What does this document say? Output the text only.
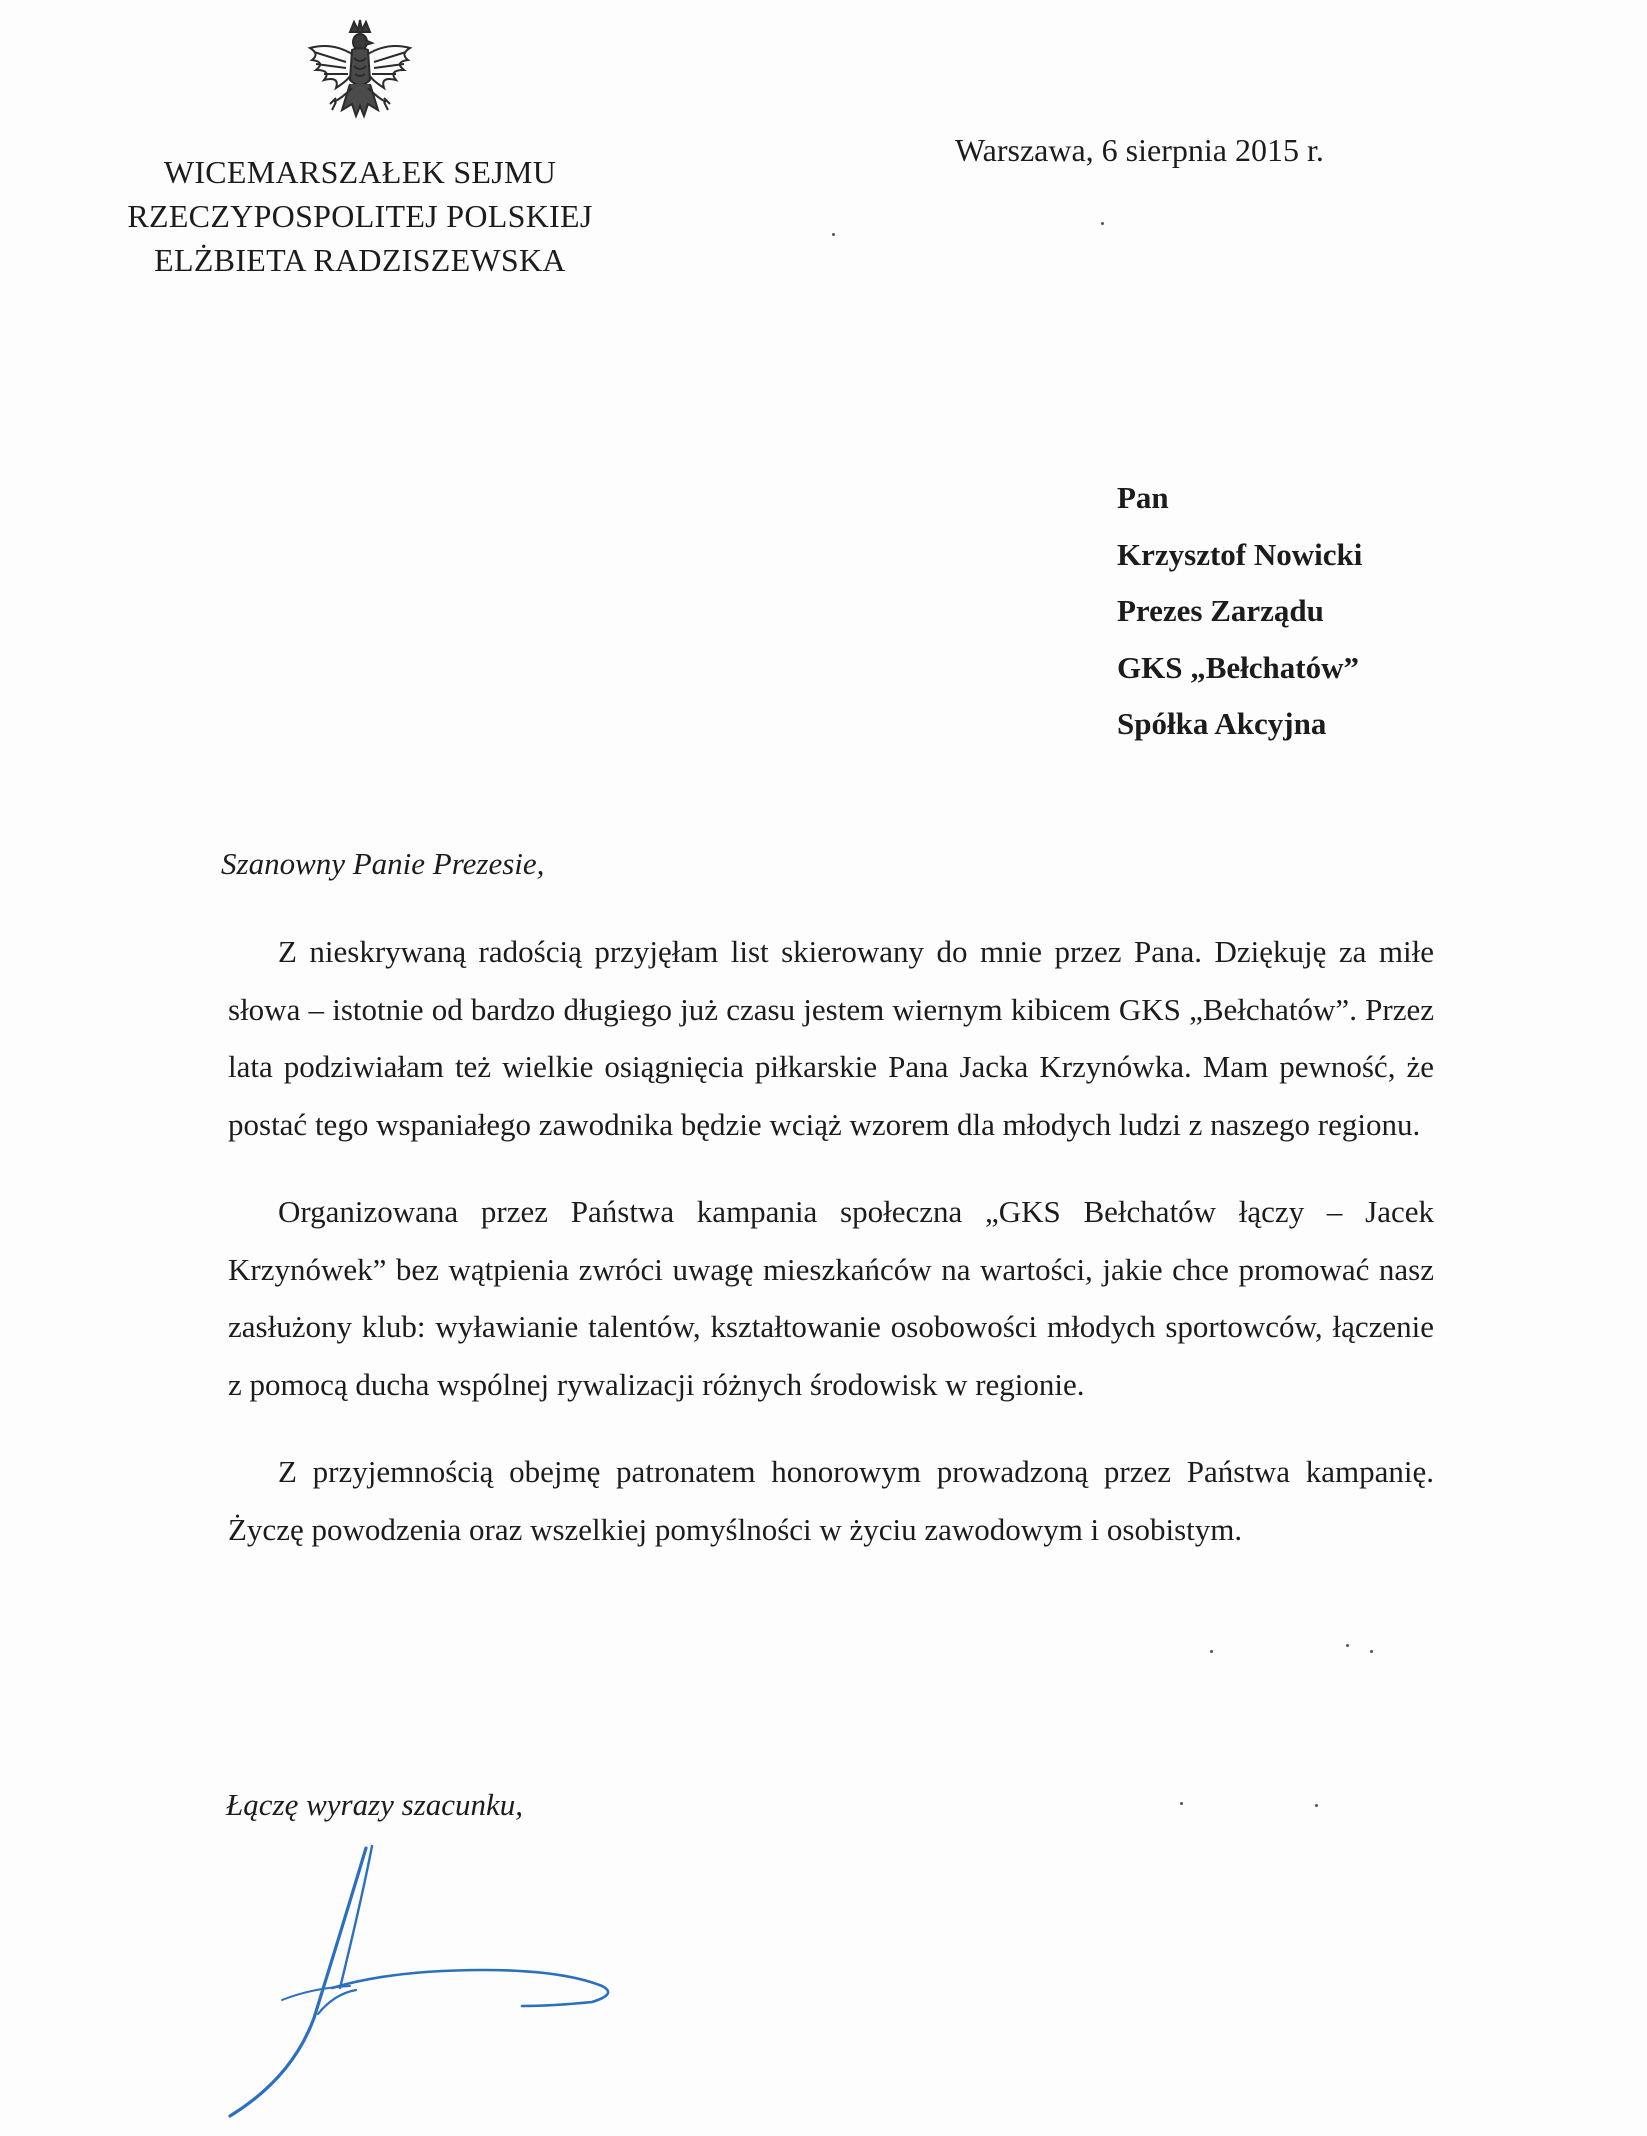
WICEMARSZAŁEK SEJMU
RZECZYPOSPOLITEJ POLSKIEJ
ELŻBIETA RADZISZEWSKA
Warszawa, 6 sierpnia 2015 r.
Pan
Krzysztof Nowicki
Prezes Zarządu
GKS „Bełchatów”
Spółka Akcyjna
Szanowny Panie Prezesie,

Z nieskrywaną radością przyjęłam list skierowany do mnie przez Pana. Dziękuję za miłe słowa – istotnie od bardzo długiego już czasu jestem wiernym kibicem GKS „Bełchatów”. Przez lata podziwiałam też wielkie osiągnięcia piłkarskie Pana Jacka Krzynówka. Mam pewność, że postać tego wspaniałego zawodnika będzie wciąż wzorem dla młodych ludzi z naszego regionu.

Organizowana przez Państwa kampania społeczna „GKS Bełchatów łączy – Jacek Krzynówek” bez wątpienia zwróci uwagę mieszkańców na wartości, jakie chce promować nasz zasłużony klub: wyławianie talentów, kształtowanie osobowości młodych sportowców, łączenie z pomocą ducha wspólnej rywalizacji różnych środowisk w regionie.

Z przyjemnością obejmę patronatem honorowym prowadzoną przez Państwa kampanię. Życzę powodzenia oraz wszelkiej pomyślności w życiu zawodowym i osobistym.

Łączę wyrazy szacunku,
